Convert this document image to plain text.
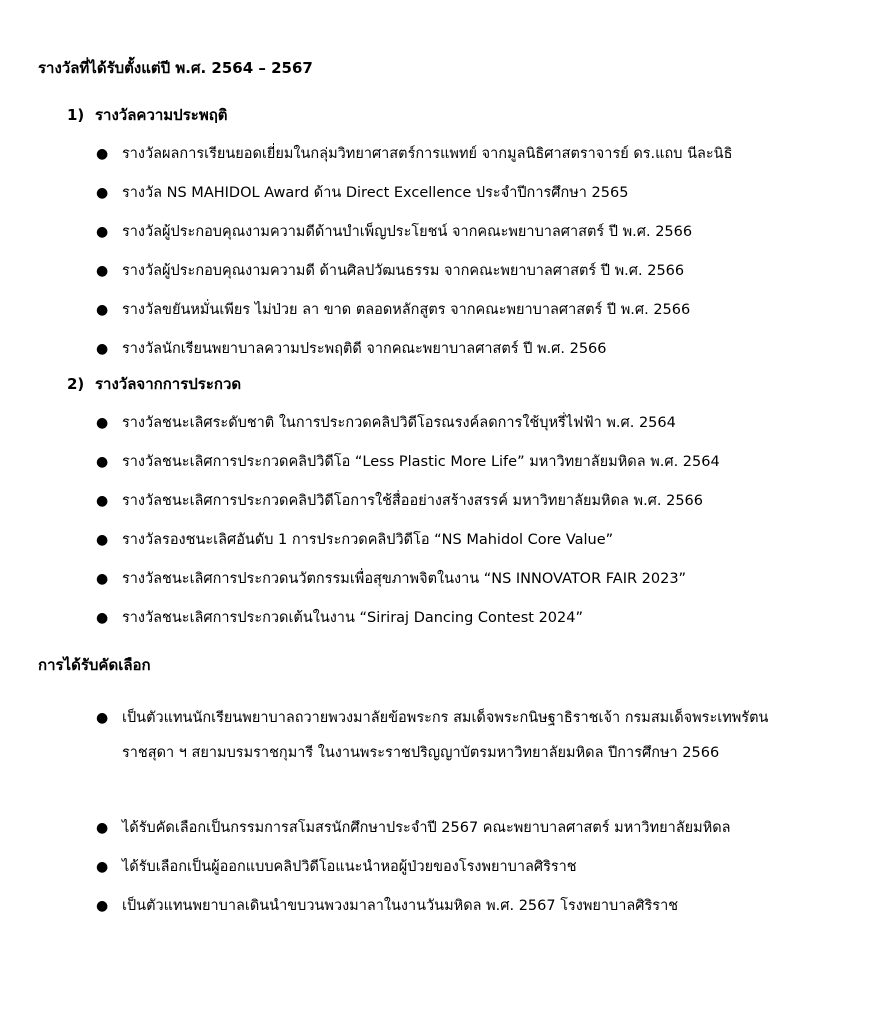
รางวัลที่ได้รับตั้งแต่ปี พ.ศ. 2564 – 2567
1) รางวัลความประพฤติ
● รางวัลผลการเรียนยอดเยี่ยมในกลุ่มวิทยาศาสตร์การแพทย์ จากมูลนิธิศาสตราจารย์ ดร.แถบ นีละนิธิ
● รางวัล NS MAHIDOL Award ด้าน Direct Excellence ประจำปีการศึกษา 2565
● รางวัลผู้ประกอบคุณงามความดีด้านบำเพ็ญประโยชน์ จากคณะพยาบาลศาสตร์ ปี พ.ศ. 2566
● รางวัลผู้ประกอบคุณงามความดี ด้านศิลปวัฒนธรรม จากคณะพยาบาลศาสตร์ ปี พ.ศ. 2566
● รางวัลขยันหมั่นเพียร ไม่ป่วย ลา ขาด ตลอดหลักสูตร จากคณะพยาบาลศาสตร์ ปี พ.ศ. 2566
● รางวัลนักเรียนพยาบาลความประพฤติดี จากคณะพยาบาลศาสตร์ ปี พ.ศ. 2566
2) รางวัลจากการประกวด
● รางวัลชนะเลิศระดับชาติ ในการประกวดคลิปวิดีโอรณรงค์ลดการใช้บุหรี่ไฟฟ้า พ.ศ. 2564
● รางวัลชนะเลิศการประกวดคลิปวิดีโอ “Less Plastic More Life” มหาวิทยาลัยมหิดล พ.ศ. 2564
● รางวัลชนะเลิศการประกวดคลิปวิดีโอการใช้สื่ออย่างสร้างสรรค์ มหาวิทยาลัยมหิดล พ.ศ. 2566
● รางวัลรองชนะเลิศอันดับ 1 การประกวดคลิปวิดีโอ “NS Mahidol Core Value”
● รางวัลชนะเลิศการประกวดนวัตกรรมเพื่อสุขภาพจิตในงาน “NS INNOVATOR FAIR 2023”
● รางวัลชนะเลิศการประกวดเต้นในงาน “Siriraj Dancing Contest 2024”
การได้รับคัดเลือก
● เป็นตัวแทนนักเรียนพยาบาลถวายพวงมาลัยข้อพระกร สมเด็จพระกนิษฐาธิราชเจ้า กรมสมเด็จพระเทพรัตนราชสุดา ฯ สยามบรมราชกุมารี ในงานพระราชปริญญาบัตรมหาวิทยาลัยมหิดล ปีการศึกษา 2566
● ได้รับคัดเลือกเป็นกรรมการสโมสรนักศึกษาประจำปี 2567 คณะพยาบาลศาสตร์ มหาวิทยาลัยมหิดล
● ได้รับเลือกเป็นผู้ออกแบบคลิปวิดีโอแนะนำหอผู้ป่วยของโรงพยาบาลศิริราช
● เป็นตัวแทนพยาบาลเดินนำขบวนพวงมาลาในงานวันมหิดล พ.ศ. 2567 โรงพยาบาลศิริราช
